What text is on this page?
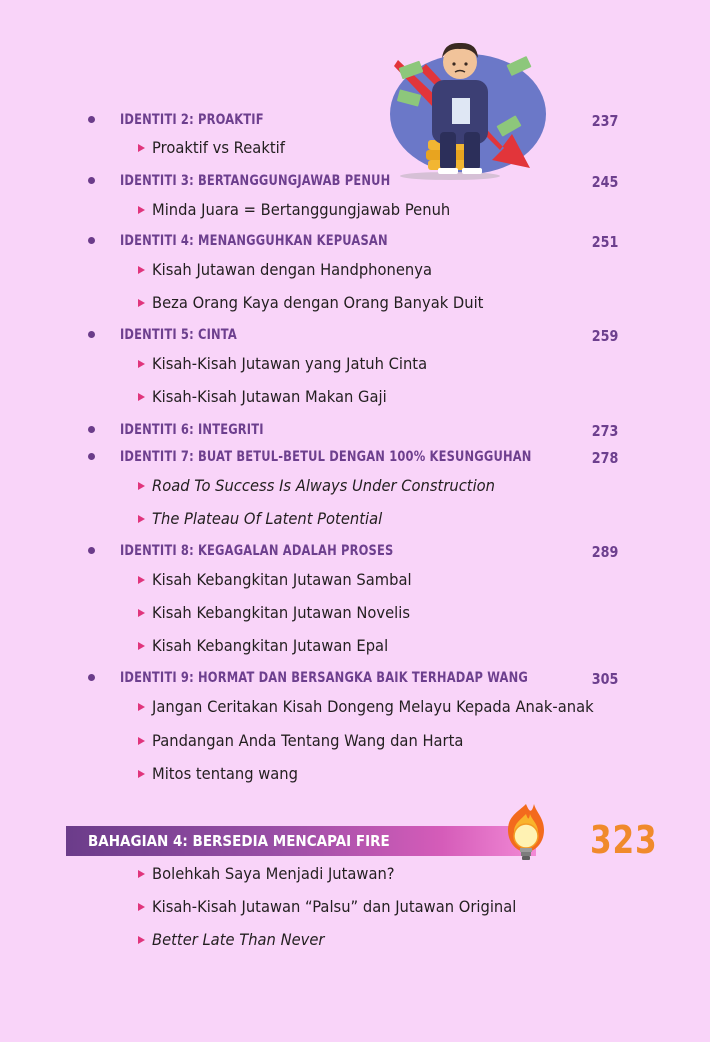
IDENTITI 2: PROAKTIF	237
Proaktif vs Reaktif
IDENTITI 3: BERTANGGUNGJAWAB PENUH	245
Minda Juara = Bertanggungjawab Penuh
IDENTITI 4: MENANGGUHKAN KEPUASAN	251
Kisah Jutawan dengan Handphonenya
Beza Orang Kaya dengan Orang Banyak Duit
IDENTITI 5: CINTA	259
Kisah-Kisah Jutawan yang Jatuh Cinta
Kisah-Kisah Jutawan Makan Gaji
IDENTITI 6: INTEGRITI	273
IDENTITI 7: BUAT BETUL-BETUL DENGAN 100% KESUNGGUHAN	278
Road To Success Is Always Under Construction
The Plateau Of Latent Potential
IDENTITI 8: KEGAGALAN ADALAH PROSES	289
Kisah Kebangkitan Jutawan Sambal
Kisah Kebangkitan Jutawan Novelis
Kisah Kebangkitan Jutawan Epal
IDENTITI 9: HORMAT DAN BERSANGKA BAIK TERHADAP WANG	305
Jangan Ceritakan Kisah Dongeng Melayu Kepada Anak-anak
Pandangan Anda Tentang Wang dan Harta
Mitos tentang wang
BAHAGIAN 4: BERSEDIA MENCAPAI FIRE	323
Bolehkah Saya Menjadi Jutawan?
Kisah-Kisah Jutawan “Palsu” dan Jutawan Original
Better Late Than Never
